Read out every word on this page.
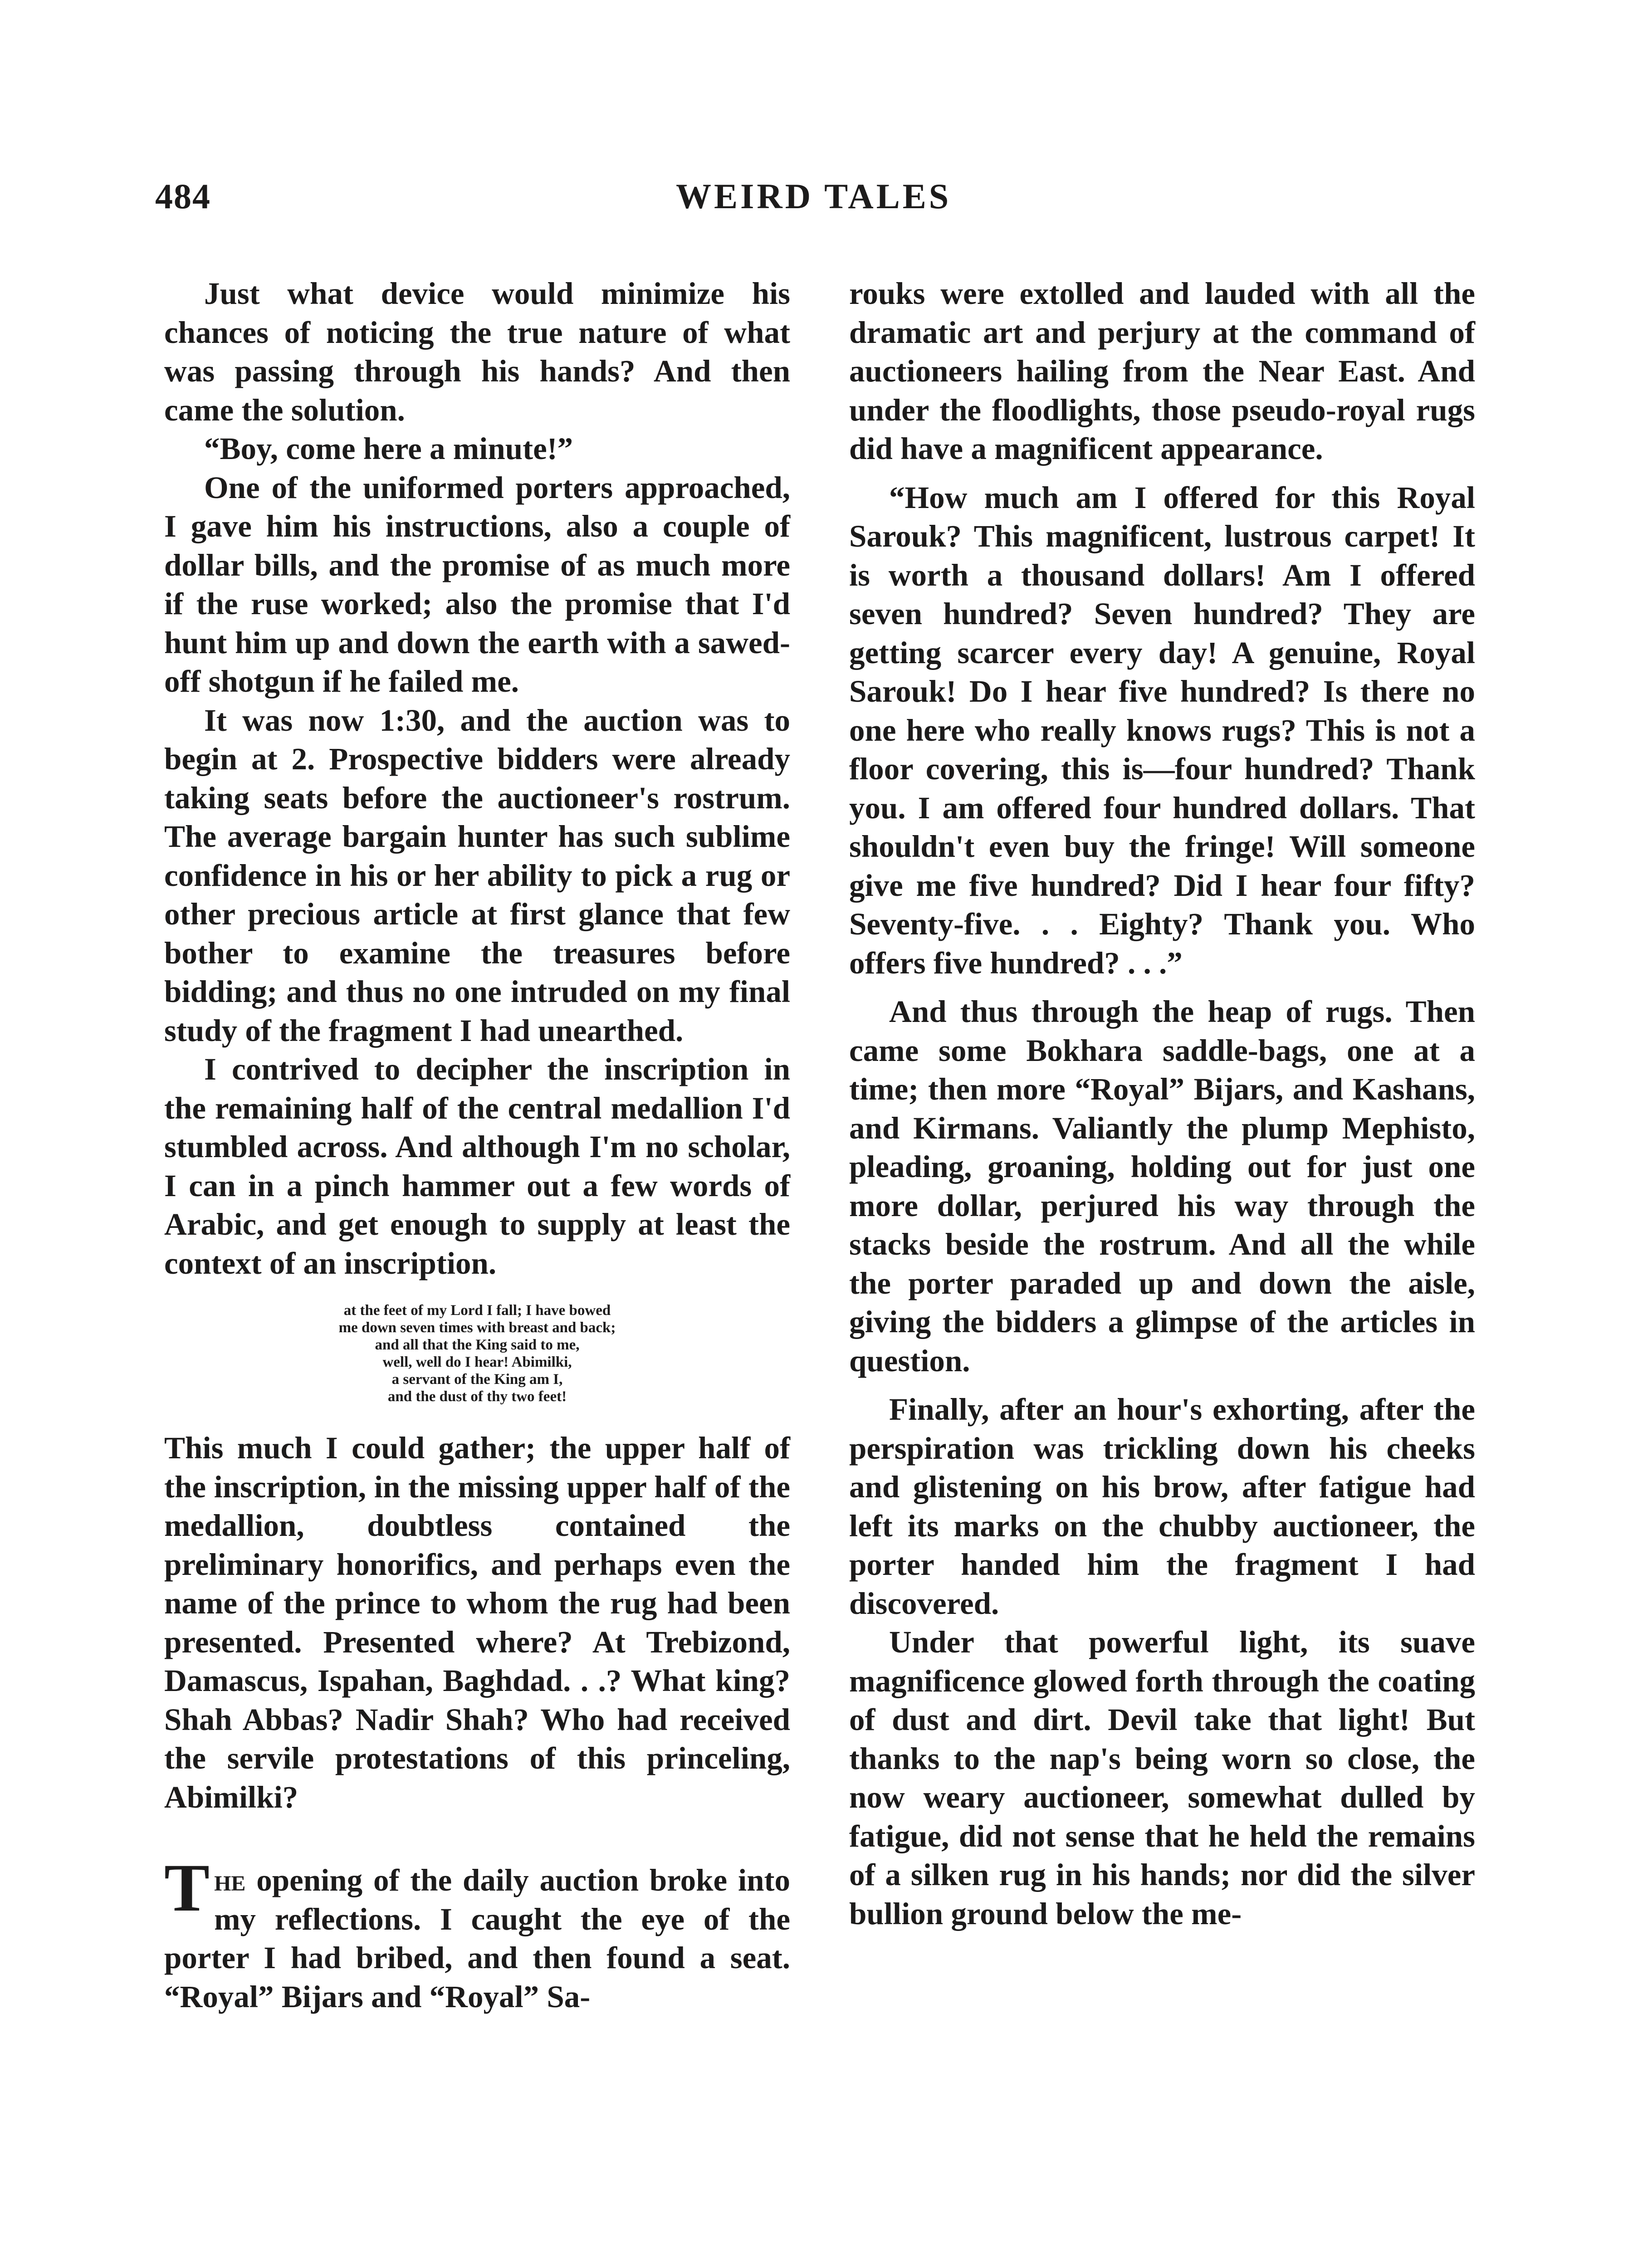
484	WEIRD TALES

Just what device would minimize his chances of noticing the true nature of what was passing through his hands? And then came the solution.

“Boy, come here a minute!”

One of the uniformed porters approached, I gave him his instructions, also a couple of dollar bills, and the promise of as much more if the ruse worked; also the promise that I'd hunt him up and down the earth with a sawed-off shotgun if he failed me.

It was now 1:30, and the auction was to begin at 2. Prospective bidders were already taking seats before the auctioneer's rostrum. The average bargain hunter has such sublime confidence in his or her ability to pick a rug or other precious article at first glance that few bother to examine the treasures before bidding; and thus no one intruded on my final study of the fragment I had unearthed.

I contrived to decipher the inscription in the remaining half of the central medallion I'd stumbled across. And although I'm no scholar, I can in a pinch hammer out a few words of Arabic, and get enough to supply at least the context of an inscription.

at the feet of my Lord I fall; I have bowed
me down seven times with breast and back;
and all that the King said to me,
well, well do I hear! Abimilki,
a servant of the King am I,
and the dust of thy two feet!

This much I could gather; the upper half of the inscription, in the missing upper half of the medallion, doubtless contained the preliminary honorifics, and perhaps even the name of the prince to whom the rug had been presented. Presented where? At Trebizond, Damascus, Ispahan, Baghdad. . .? What king? Shah Abbas? Nadir Shah? Who had received the servile protestations of this princeling, Abimilki?

The opening of the daily auction broke into my reflections. I caught the eye of the porter I had bribed, and then found a seat. “Royal” Bijars and “Royal” Sa-

rouks were extolled and lauded with all the dramatic art and perjury at the command of auctioneers hailing from the Near East. And under the floodlights, those pseudo-royal rugs did have a magnificent appearance.

“How much am I offered for this Royal Sarouk? This magnificent, lustrous carpet! It is worth a thousand dollars! Am I offered seven hundred? Seven hundred? They are getting scarcer every day! A genuine, Royal Sarouk! Do I hear five hundred? Is there no one here who really knows rugs? This is not a floor covering, this is—four hundred? Thank you. I am offered four hundred dollars. That shouldn't even buy the fringe! Will someone give me five hundred? Did I hear four fifty? Seventy-five. . . Eighty? Thank you. Who offers five hundred? . . .”

And thus through the heap of rugs. Then came some Bokhara saddle-bags, one at a time; then more “Royal” Bijars, and Kashans, and Kirmans. Valiantly the plump Mephisto, pleading, groaning, holding out for just one more dollar, perjured his way through the stacks beside the rostrum. And all the while the porter paraded up and down the aisle, giving the bidders a glimpse of the articles in question.

Finally, after an hour's exhorting, after the perspiration was trickling down his cheeks and glistening on his brow, after fatigue had left its marks on the chubby auctioneer, the porter handed him the fragment I had discovered.

Under that powerful light, its suave magnificence glowed forth through the coating of dust and dirt. Devil take that light! But thanks to the nap's being worn so close, the now weary auctioneer, somewhat dulled by fatigue, did not sense that he held the remains of a silken rug in his hands; nor did the silver bullion ground below the me-
